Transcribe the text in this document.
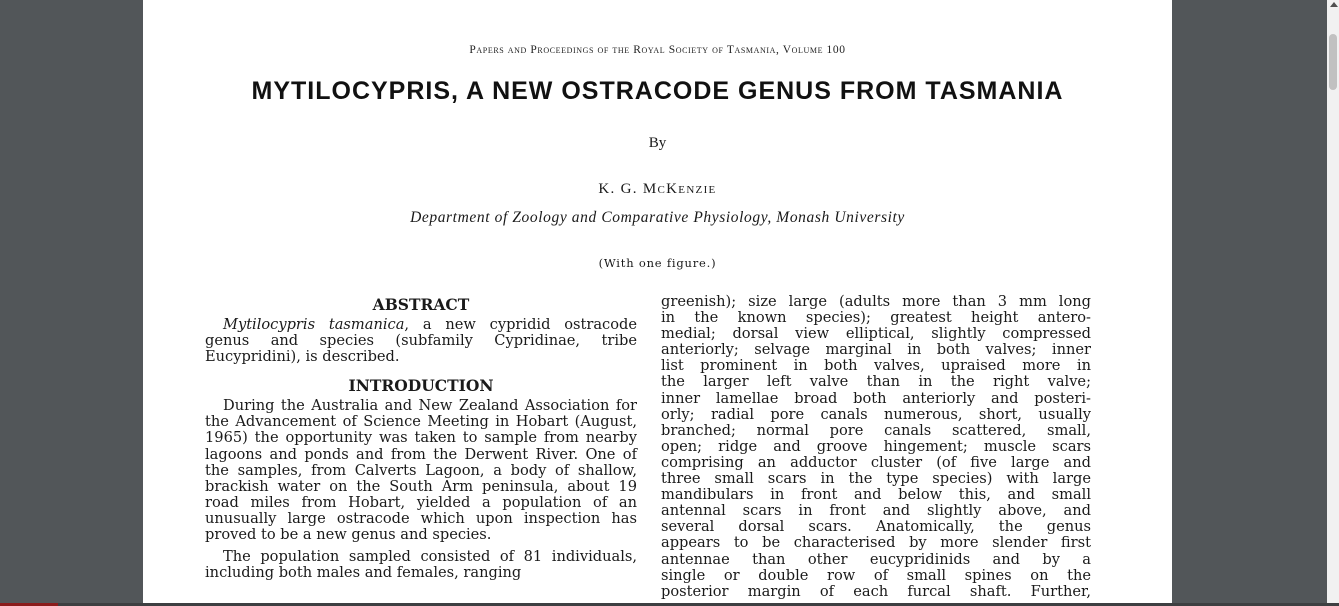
Papers and Proceedings of the Royal Society of Tasmania, Volume 100
MYTILOCYPRIS, A NEW OSTRACODE GENUS FROM TASMANIA
By
K. G. McKenzie
Department of Zoology and Comparative Physiology, Monash University
(With one figure.)
ABSTRACT

Mytilocypris tasmanica, a new cypridid ostracode genus and species (subfamily Cypridinae, tribe Eucypridini), is described.

INTRODUCTION

During the Australia and New Zealand Association for the Advancement of Science Meeting in Hobart (August, 1965) the opportunity was taken to sample from nearby lagoons and ponds and from the Derwent River. One of the samples, from Calverts Lagoon, a body of shallow, brackish water on the South Arm peninsula, about 19 road miles from Hobart, yielded a population of an unusually large ostracode which upon inspection has proved to be a new genus and species.

The population sampled consisted of 81 individuals, including both males and females, ranging

greenish); size large (adults more than 3 mm long
in the known species); greatest height antero-
medial; dorsal view elliptical, slightly compressed
anteriorly; selvage marginal in both valves; inner
list prominent in both valves, upraised more in
the larger left valve than in the right valve;
inner lamellae broad both anteriorly and posteri-
orly; radial pore canals numerous, short, usually
branched; normal pore canals scattered, small,
open; ridge and groove hingement; muscle scars
comprising an adductor cluster (of five large and
three small scars in the type species) with large
mandibulars in front and below this, and small
antennal scars in front and slightly above, and
several dorsal scars. Anatomically, the genus
appears to be characterised by more slender first
antennae than other eucypridinids and by a
single or double row of small spines on the
posterior margin of each furcal shaft. Further,
